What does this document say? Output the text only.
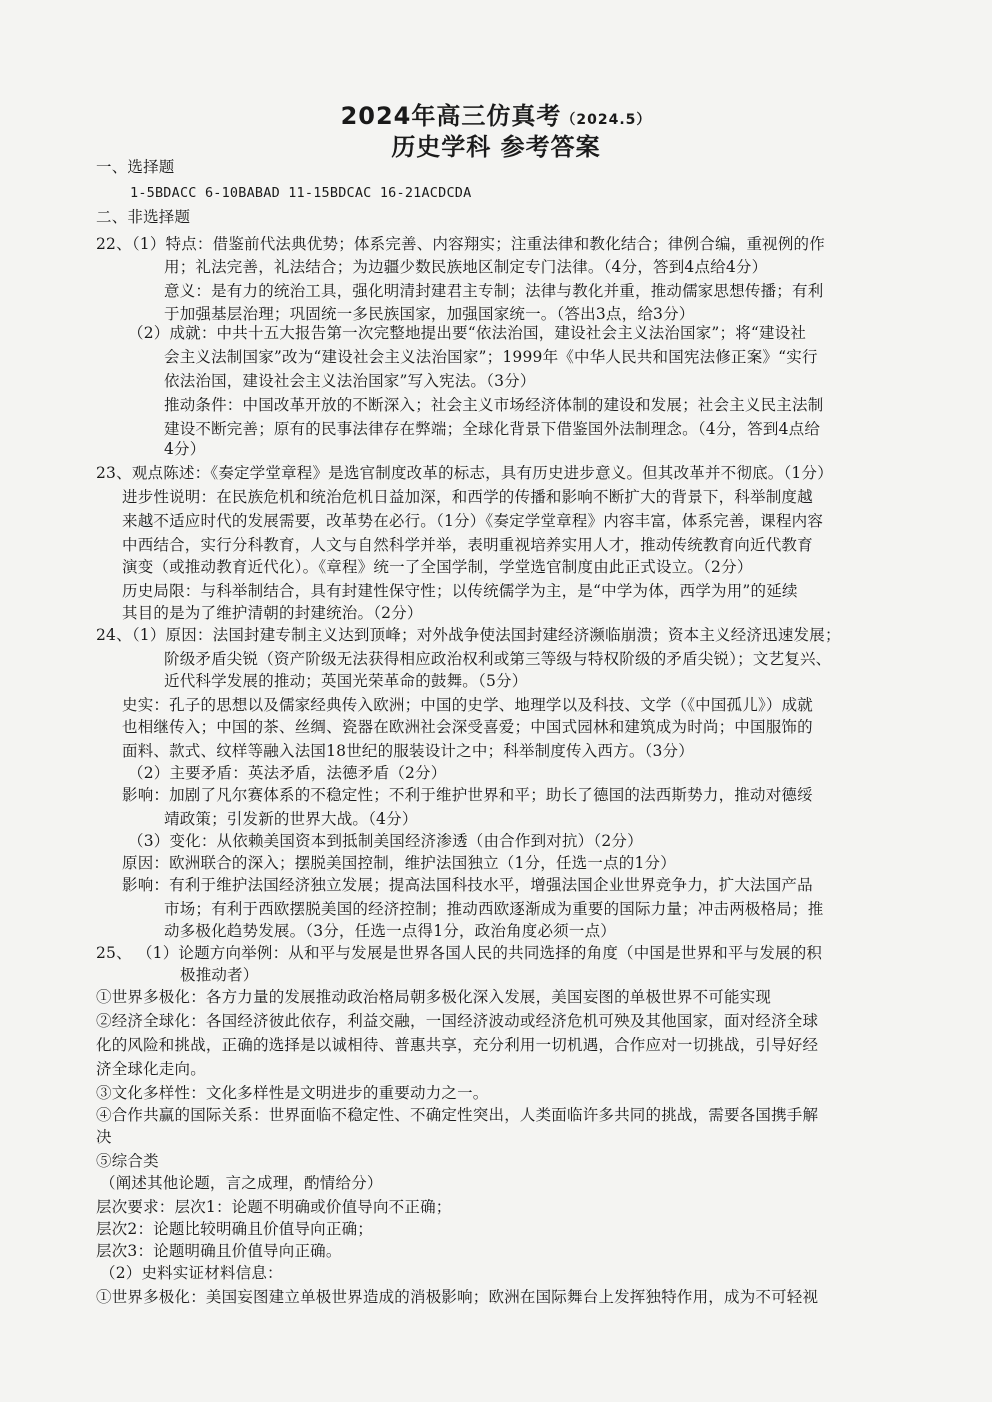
2024年高三仿真考（2024.5）
历史学科 参考答案
一、选择题
1-5BDACC 6-10BABAD 11-15BDCAC 16-21ACDCDA
二、非选择题
22、（1）特点：借鉴前代法典优势；体系完善、内容翔实；注重法律和教化结合；律例合编，重视例的作
用；礼法完善，礼法结合；为边疆少数民族地区制定专门法律。（4分，答到4点给4分）
意义：是有力的统治工具，强化明清封建君主专制；法律与教化并重，推动儒家思想传播；有利
于加强基层治理；巩固统一多民族国家，加强国家统一。（答出3点，给3分）
（2）成就：中共十五大报告第一次完整地提出要“依法治国，建设社会主义法治国家”；将“建设社
会主义法制国家”改为“建设社会主义法治国家”；1999年《中华人民共和国宪法修正案》“实行
依法治国，建设社会主义法治国家”写入宪法。（3分）
推动条件：中国改革开放的不断深入；社会主义市场经济体制的建设和发展；社会主义民主法制
建设不断完善；原有的民事法律存在弊端；全球化背景下借鉴国外法制理念。（4分，答到4点给
4分）
23、观点陈述：《奏定学堂章程》是选官制度改革的标志，具有历史进步意义。但其改革并不彻底。（1分）
进步性说明：在民族危机和统治危机日益加深，和西学的传播和影响不断扩大的背景下，科举制度越
来越不适应时代的发展需要，改革势在必行。（1分）《奏定学堂章程》内容丰富，体系完善，课程内容
中西结合，实行分科教育，人文与自然科学并举，表明重视培养实用人才，推动传统教育向近代教育
演变（或推动教育近代化）。《章程》统一了全国学制，学堂选官制度由此正式设立。（2分）
历史局限：与科举制结合，具有封建性保守性；以传统儒学为主，是“中学为体，西学为用”的延续
其目的是为了维护清朝的封建统治。（2分）
24、（1）原因：法国封建专制主义达到顶峰；对外战争使法国封建经济濒临崩溃；资本主义经济迅速发展；
阶级矛盾尖锐（资产阶级无法获得相应政治权利或第三等级与特权阶级的矛盾尖锐）；文艺复兴、
近代科学发展的推动；英国光荣革命的鼓舞。（5分）
史实：孔子的思想以及儒家经典传入欧洲；中国的史学、地理学以及科技、文学（《中国孤儿》）成就
也相继传入；中国的茶、丝绸、瓷器在欧洲社会深受喜爱；中国式园林和建筑成为时尚；中国服饰的
面料、款式、纹样等融入法国18世纪的服装设计之中；科举制度传入西方。（3分）
（2）主要矛盾：英法矛盾，法德矛盾（2分）
影响：加剧了凡尔赛体系的不稳定性；不利于维护世界和平；助长了德国的法西斯势力，推动对德绥
靖政策；引发新的世界大战。（4分）
（3）变化：从依赖美国资本到抵制美国经济渗透（由合作到对抗）（2分）
原因：欧洲联合的深入；摆脱美国控制，维护法国独立（1分，任选一点的1分）
影响：有利于维护法国经济独立发展；提高法国科技水平，增强法国企业世界竞争力，扩大法国产品
市场；有利于西欧摆脱美国的经济控制；推动西欧逐渐成为重要的国际力量；冲击两极格局；推
动多极化趋势发展。（3分，任选一点得1分，政治角度必须一点）
25、 （1）论题方向举例：从和平与发展是世界各国人民的共同选择的角度（中国是世界和平与发展的积
极推动者）
①世界多极化：各方力量的发展推动政治格局朝多极化深入发展，美国妄图的单极世界不可能实现
②经济全球化：各国经济彼此依存，利益交融，一国经济波动或经济危机可殃及其他国家，面对经济全球
化的风险和挑战，正确的选择是以诚相待、普惠共享，充分利用一切机遇，合作应对一切挑战，引导好经
济全球化走向。
③文化多样性：文化多样性是文明进步的重要动力之一。
④合作共赢的国际关系：世界面临不稳定性、不确定性突出，人类面临许多共同的挑战，需要各国携手解
决
⑤综合类
（阐述其他论题，言之成理，酌情给分）
层次要求：层次1：论题不明确或价值导向不正确；
层次2：论题比较明确且价值导向正确；
层次3：论题明确且价值导向正确。
（2）史料实证材料信息：
①世界多极化：美国妄图建立单极世界造成的消极影响；欧洲在国际舞台上发挥独特作用，成为不可轻视
